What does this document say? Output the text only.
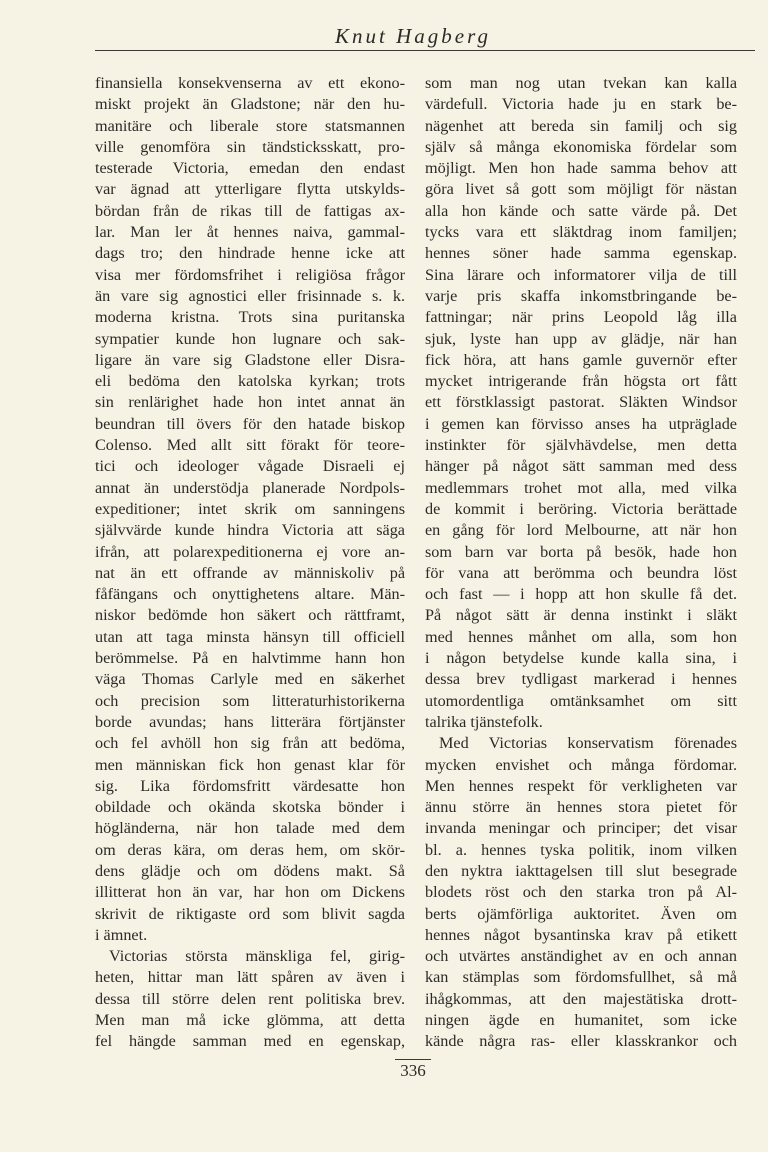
Knut Hagberg
finansiella konsekvenserna av ett ekono-
miskt projekt än Gladstone; när den hu-
manitäre och liberale store statsmannen
ville genomföra sin tändsticksskatt, pro-
testerade Victoria, emedan den endast
var ägnad att ytterligare flytta utskylds-
bördan från de rikas till de fattigas ax-
lar. Man ler åt hennes naiva, gammal-
dags tro; den hindrade henne icke att
visa mer fördomsfrihet i religiösa frågor
än vare sig agnostici eller frisinnade s. k.
moderna kristna. Trots sina puritanska
sympatier kunde hon lugnare och sak-
ligare än vare sig Gladstone eller Disra-
eli bedöma den katolska kyrkan; trots
sin renlärighet hade hon intet annat än
beundran till övers för den hatade biskop
Colenso. Med allt sitt förakt för teore-
tici och ideologer vågade Disraeli ej
annat än understödja planerade Nordpols-
expeditioner; intet skrik om sanningens
självvärde kunde hindra Victoria att säga
ifrån, att polarexpeditionerna ej vore an-
nat än ett offrande av människoliv på
fåfängans och onyttighetens altare. Män-
niskor bedömde hon säkert och rättframt,
utan att taga minsta hänsyn till officiell
berömmelse. På en halvtimme hann hon
väga Thomas Carlyle med en säkerhet
och precision som litteraturhistorikerna
borde avundas; hans litterära förtjänster
och fel avhöll hon sig från att bedöma,
men människan fick hon genast klar för
sig. Lika fördomsfritt värdesatte hon
obildade och okända skotska bönder i
högländerna, när hon talade med dem
om deras kära, om deras hem, om skör-
dens glädje och om dödens makt. Så
illitterat hon än var, har hon om Dickens
skrivit de riktigaste ord som blivit sagda
i ämnet.
Victorias största mänskliga fel, girig-
heten, hittar man lätt spåren av även i
dessa till större delen rent politiska brev.
Men man må icke glömma, att detta
fel hängde samman med en egenskap,
som man nog utan tvekan kan kalla
värdefull. Victoria hade ju en stark be-
nägenhet att bereda sin familj och sig
själv så många ekonomiska fördelar som
möjligt. Men hon hade samma behov att
göra livet så gott som möjligt för nästan
alla hon kände och satte värde på. Det
tycks vara ett släktdrag inom familjen;
hennes söner hade samma egenskap.
Sina lärare och informatorer vilja de till
varje pris skaffa inkomstbringande be-
fattningar; när prins Leopold låg illa
sjuk, lyste han upp av glädje, när han
fick höra, att hans gamle guvernör efter
mycket intrigerande från högsta ort fått
ett förstklassigt pastorat. Släkten Windsor
i gemen kan förvisso anses ha utpräglade
instinkter för självhävdelse, men detta
hänger på något sätt samman med dess
medlemmars trohet mot alla, med vilka
de kommit i beröring. Victoria berättade
en gång för lord Melbourne, att när hon
som barn var borta på besök, hade hon
för vana att berömma och beundra löst
och fast — i hopp att hon skulle få det.
På något sätt är denna instinkt i släkt
med hennes månhet om alla, som hon
i någon betydelse kunde kalla sina, i
dessa brev tydligast markerad i hennes
utomordentliga omtänksamhet om sitt
talrika tjänstefolk.
Med Victorias konservatism förenades
mycken envishet och många fördomar.
Men hennes respekt för verkligheten var
ännu större än hennes stora pietet för
invanda meningar och principer; det visar
bl. a. hennes tyska politik, inom vilken
den nyktra iakttagelsen till slut besegrade
blodets röst och den starka tron på Al-
berts ojämförliga auktoritet. Även om
hennes något bysantinska krav på etikett
och utvärtes anständighet av en och annan
kan stämplas som fördomsfullhet, så må
ihågkommas, att den majestätiska drott-
ningen ägde en humanitet, som icke
kände några ras- eller klasskrankor och
336
